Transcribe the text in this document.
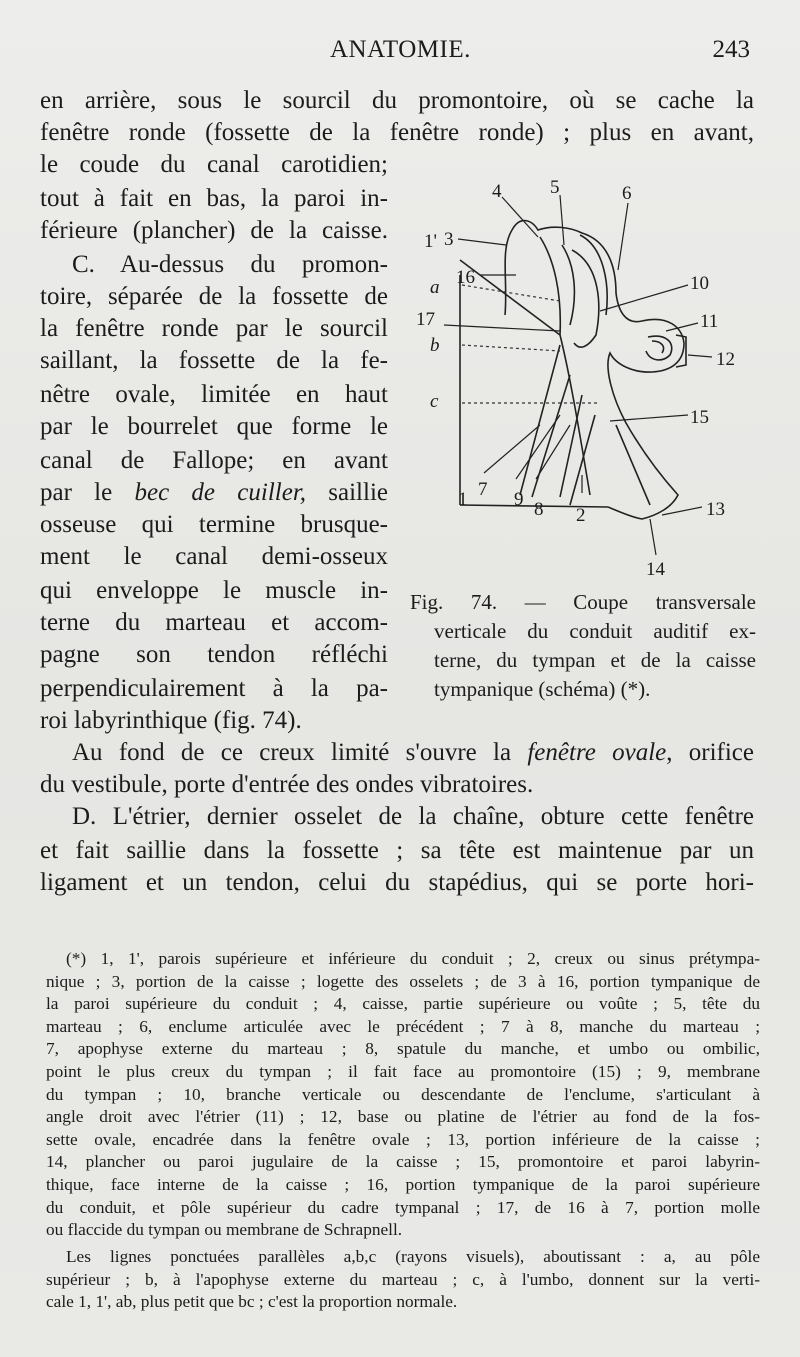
ANATOMIE.	243
en arrière, sous le sourcil du promontoire, où se cache la
fenêtre ronde (fossette de la fenêtre ronde) ; plus en avant,
le coude du canal carotidien;
tout à fait en bas, la paroi in-
férieure (plancher) de la caisse.
C. Au-dessus du promon-
toire, séparée de la fossette de
la fenêtre ronde par le sourcil
saillant, la fossette de la fe-
nêtre ovale, limitée en haut
par le bourrelet que forme le
canal de Fallope; en avant
par le bec de cuiller, saillie
osseuse qui termine brusque-
ment le canal demi-osseux
qui enveloppe le muscle in-
terne du marteau et accom-
pagne son tendon réfléchi
perpendiculairement à la pa-
roi labyrinthique (fig. 74).
4	5	6
1' 3
16
a	10
17	11
b
12
c
15
1 7 9 8 2	13
14
Fig. 74. — Coupe transversale
verticale du conduit auditif ex-
terne, du tympan et de la caisse
tympanique (schéma) (*).
Au fond de ce creux limité s'ouvre la fenêtre ovale, orifice
du vestibule, porte d'entrée des ondes vibratoires.
D. L'étrier, dernier osselet de la chaîne, obture cette fenêtre
et fait saillie dans la fossette ; sa tête est maintenue par un
ligament et un tendon, celui du stapédius, qui se porte hori-
(*) 1, 1', parois supérieure et inférieure du conduit ; 2, creux ou sinus prétympa-
nique ; 3, portion de la caisse ; logette des osselets ; de 3 à 16, portion tympanique de
la paroi supérieure du conduit ; 4, caisse, partie supérieure ou voûte ; 5, tête du
marteau ; 6, enclume articulée avec le précédent ; 7 à 8, manche du marteau ;
7, apophyse externe du marteau ; 8, spatule du manche, et umbo ou ombilic,
point le plus creux du tympan ; il fait face au promontoire (15) ; 9, membrane
du tympan ; 10, branche verticale ou descendante de l'enclume, s'articulant à
angle droit avec l'étrier (11) ; 12, base ou platine de l'étrier au fond de la fos-
sette ovale, encadrée dans la fenêtre ovale ; 13, portion inférieure de la caisse ;
14, plancher ou paroi jugulaire de la caisse ; 15, promontoire et paroi labyrin-
thique, face interne de la caisse ; 16, portion tympanique de la paroi supérieure
du conduit, et pôle supérieur du cadre tympanal ; 17, de 16 à 7, portion molle
ou flaccide du tympan ou membrane de Schrapnell.
Les lignes ponctuées parallèles a,b,c (rayons visuels), aboutissant : a, au pôle
supérieur ; b, à l'apophyse externe du marteau ; c, à l'umbo, donnent sur la verti-
cale 1, 1', ab, plus petit que bc ; c'est la proportion normale.
